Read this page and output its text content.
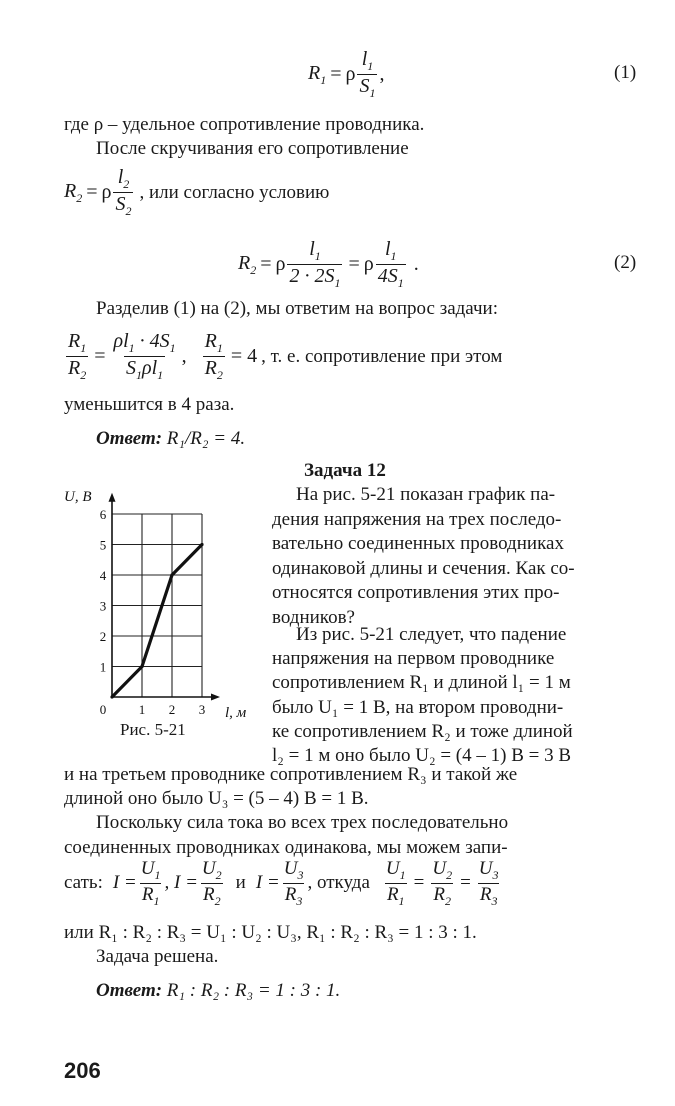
$R_1 = \rho \frac{l_1}{S_1}$ ,	(1)
где ρ – удельное сопротивление проводника.
После скручивания его сопротивление
$R_2 = \rho \frac{l_2}{S_2}$ , или согласно условию
$R_2 = \rho \frac{l_1}{2 \cdot 2S_1} = \rho \frac{l_1}{4S_1}$ .	(2)
Разделив (1) на (2), мы ответим на вопрос задачи:
$\frac{R_1}{R_2} = \frac{\rho l_1 \cdot 4S_1}{S_1\rho l_1}$ , $\frac{R_1}{R_2} = 4$ , т. е. сопротивление при этом
уменьшится в 4 раза.
Ответ: R₁/R₂ = 4.
Задача 12
0	1 2 3
1
2
3
4
5
6
U, В
l, м
Рис. 5-21
На рис. 5-21 показан график па-
дения напряжения на трех последо-
вательно соединенных проводниках
одинаковой длины и сечения. Как со-
относятся сопротивления этих про-
водников?
Из рис. 5-21 следует, что падение
напряжения на первом проводнике
сопротивлением R₁ и длиной l₁ = 1 м
было U₁ = 1 В, на втором проводни-
ке сопротивлением R₂ и тоже длиной
l₂ = 1 м оно было U₂ = (4 – 1) В = 3 В
и на третьем проводнике сопротивлением R₃ и такой же
длиной оно было U₃ = (5 – 4) В = 1 В.
Поскольку сила тока во всех трех последовательно
соединенных проводниках одинакова, мы можем запи-
сать: $I = \frac{U_1}{R_1}$ , $I = \frac{U_2}{R_2}$ и $I = \frac{U_3}{R_3}$ , откуда $\frac{U_1}{R_1} = \frac{U_2}{R_2} = \frac{U_3}{R_3}$
или R₁ : R₂ : R₃ = U₁ : U₂ : U₃, R₁ : R₂ : R₃ = 1 : 3 : 1.
Задача решена.
Ответ: R₁ : R₂ : R₃ = 1 : 3 : 1.
206
